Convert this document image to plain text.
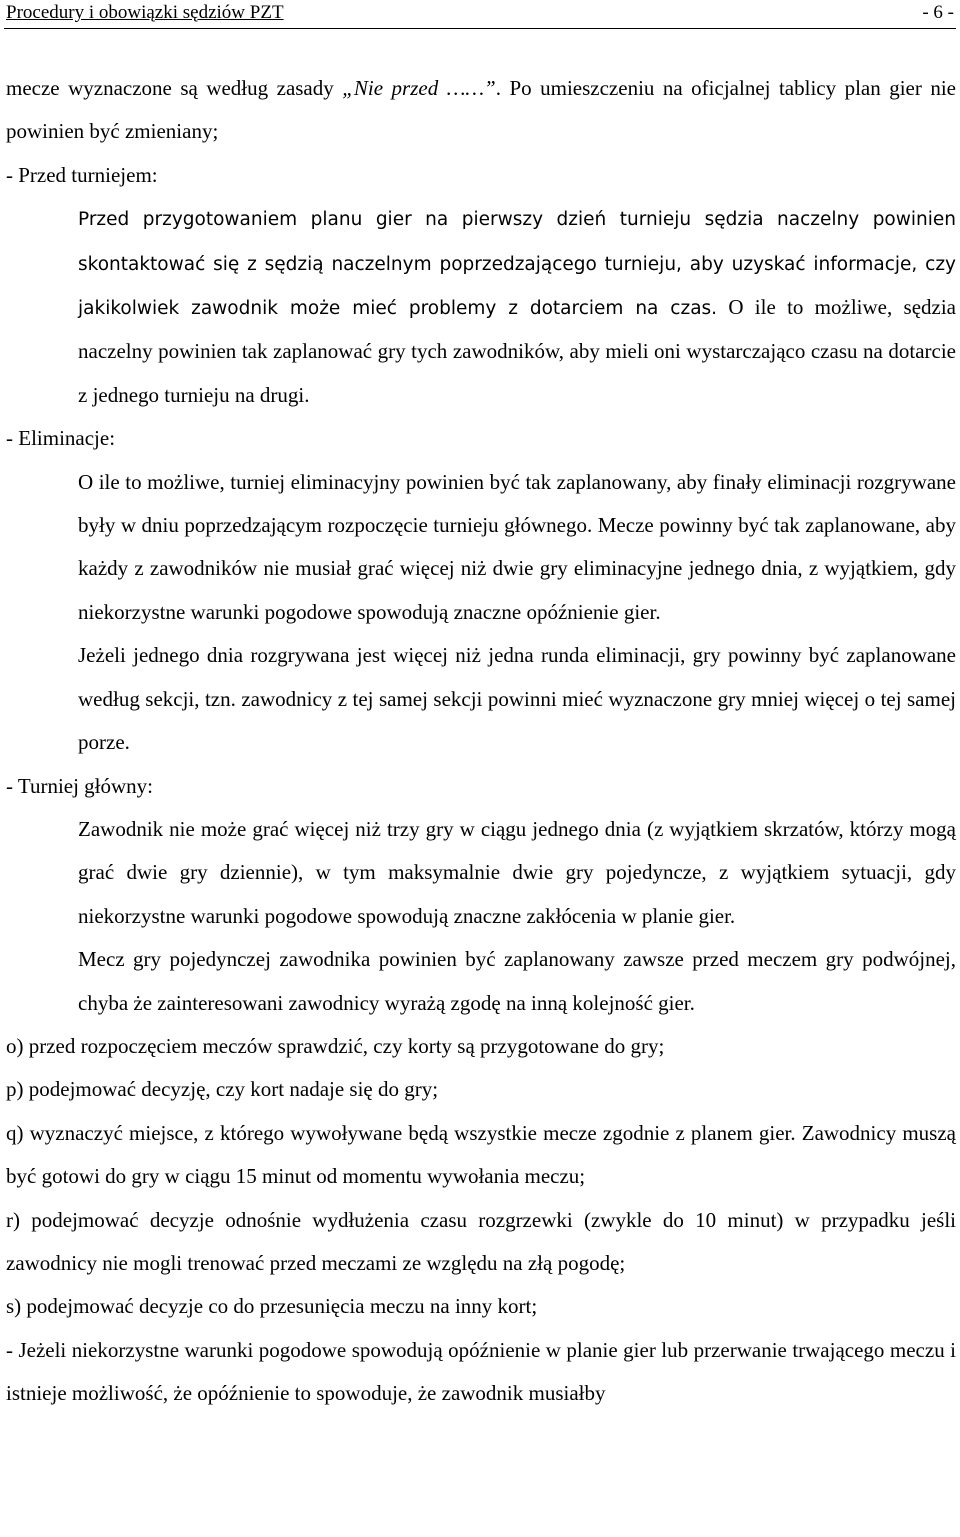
Procedury i obowiązki sędziów PZT	- 6 -

mecze wyznaczone są według zasady „Nie przed ……”. Po umieszczeniu na oficjalnej tablicy plan gier nie powinien być zmieniany;

- Przed turniejem:

Przed przygotowaniem planu gier na pierwszy dzień turnieju sędzia naczelny powinien skontaktować się z sędzią naczelnym poprzedzającego turnieju, aby uzyskać informacje, czy jakikolwiek zawodnik może mieć problemy z dotarciem na czas. O ile to możliwe, sędzia naczelny powinien tak zaplanować gry tych zawodników, aby mieli oni wystarczająco czasu na dotarcie z jednego turnieju na drugi.

- Eliminacje:

O ile to możliwe, turniej eliminacyjny powinien być tak zaplanowany, aby finały eliminacji rozgrywane były w dniu poprzedzającym rozpoczęcie turnieju głównego. Mecze powinny być tak zaplanowane, aby każdy z zawodników nie musiał grać więcej niż dwie gry eliminacyjne jednego dnia, z wyjątkiem, gdy niekorzystne warunki pogodowe spowodują znaczne opóźnienie gier.

Jeżeli jednego dnia rozgrywana jest więcej niż jedna runda eliminacji, gry powinny być zaplanowane według sekcji, tzn. zawodnicy z tej samej sekcji powinni mieć wyznaczone gry mniej więcej o tej samej porze.

- Turniej główny:

Zawodnik nie może grać więcej niż trzy gry w ciągu jednego dnia (z wyjątkiem skrzatów, którzy mogą grać dwie gry dziennie), w tym maksymalnie dwie gry pojedyncze, z wyjątkiem sytuacji, gdy niekorzystne warunki pogodowe spowodują znaczne zakłócenia w planie gier.

Mecz gry pojedynczej zawodnika powinien być zaplanowany zawsze przed meczem gry podwójnej, chyba że zainteresowani zawodnicy wyrażą zgodę na inną kolejność gier.

o) przed rozpoczęciem meczów sprawdzić, czy korty są przygotowane do gry;

p) podejmować decyzję, czy kort nadaje się do gry;

q) wyznaczyć miejsce, z którego wywoływane będą wszystkie mecze zgodnie z planem gier. Zawodnicy muszą być gotowi do gry w ciągu 15 minut od momentu wywołania meczu;

r) podejmować decyzje odnośnie wydłużenia czasu rozgrzewki (zwykle do 10 minut) w przypadku jeśli zawodnicy nie mogli trenować przed meczami ze względu na złą pogodę;

s) podejmować decyzje co do przesunięcia meczu na inny kort;

- Jeżeli niekorzystne warunki pogodowe spowodują opóźnienie w planie gier lub przerwanie trwającego meczu i istnieje możliwość, że opóźnienie to spowoduje, że zawodnik musiałby
